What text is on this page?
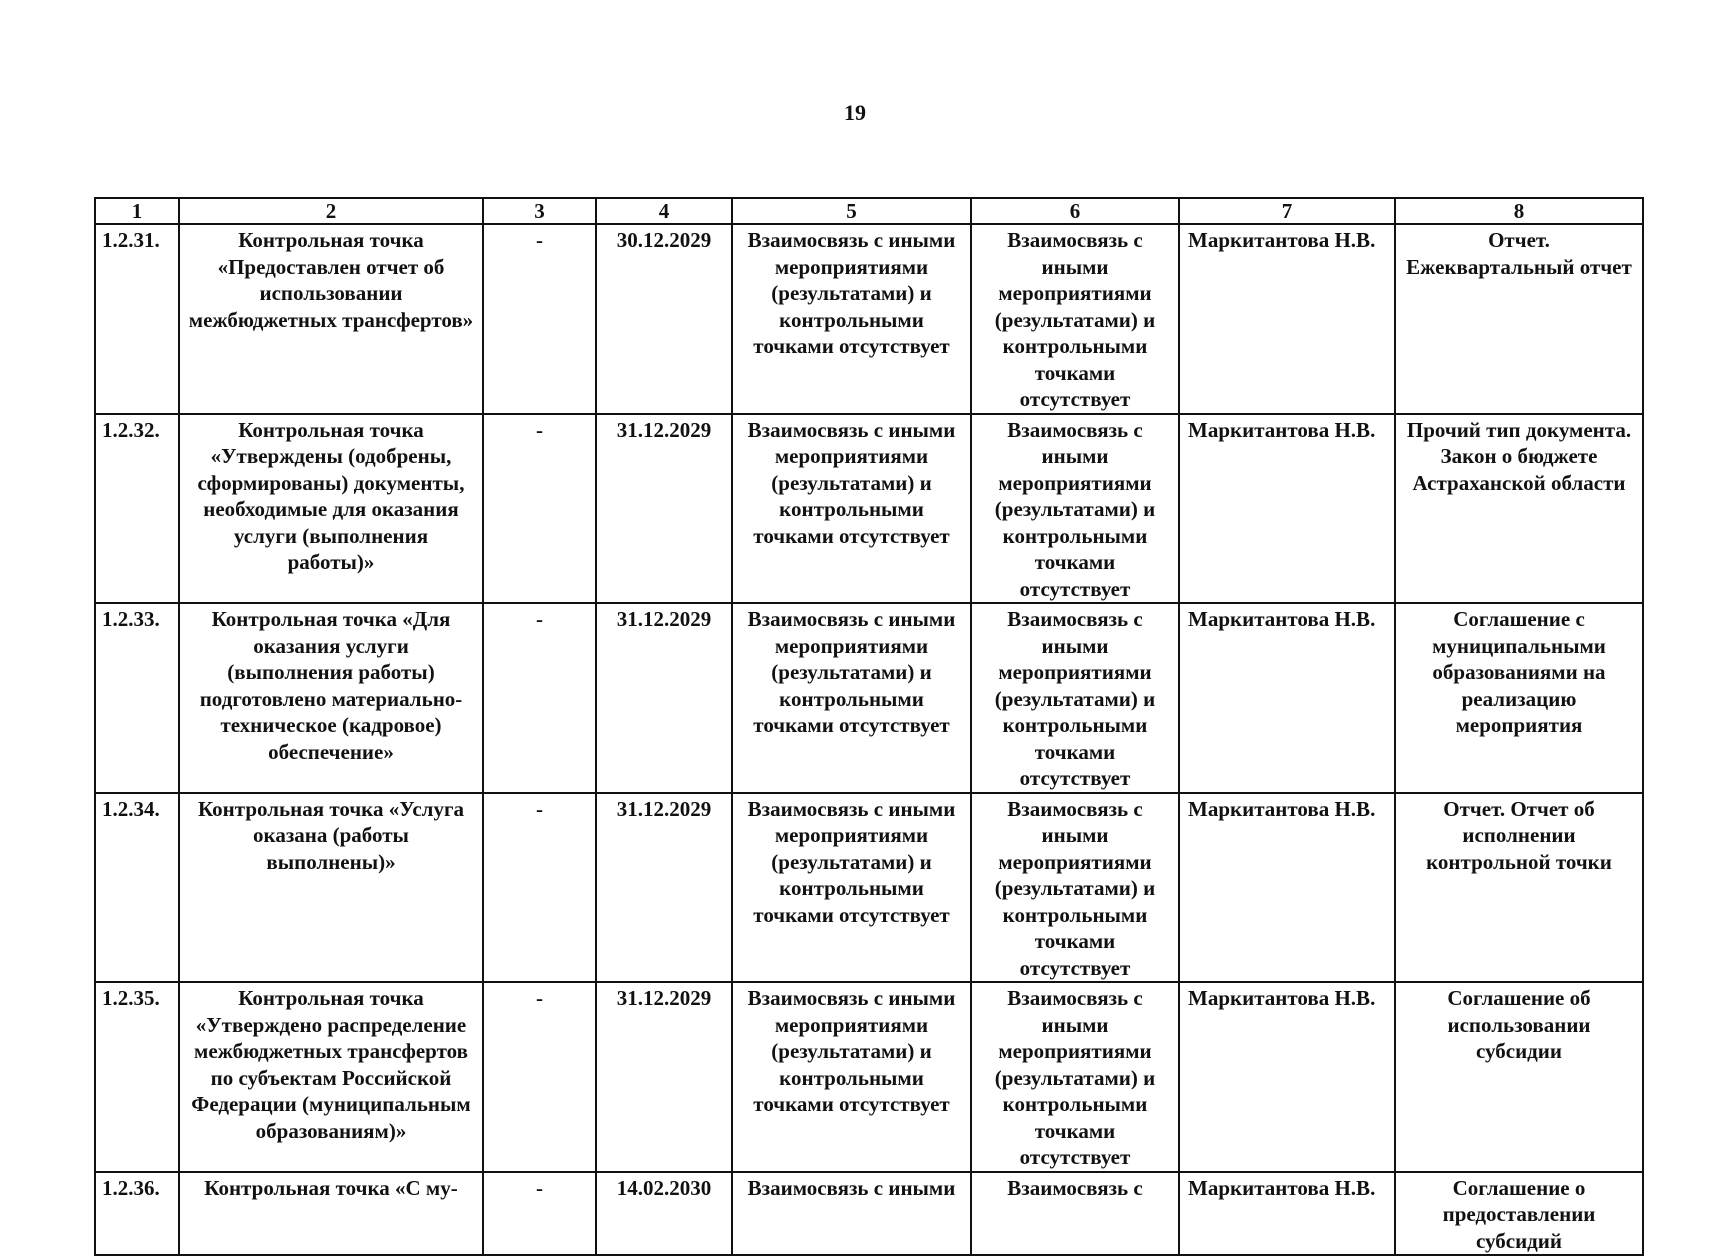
19
1	2	3	4	5	6	7	8
1.2.31.	Контрольная точка «Предоставлен отчет об использовании межбюджетных трансфертов»	-	30.12.2029	Взаимосвязь с иными мероприятиями (результатами) и контрольными точками отсутствует	Взаимосвязь с иными мероприятиями (результатами) и контрольными точками отсутствует	Маркитантова Н.В.	Отчет. Ежеквартальный отчет
1.2.32.	Контрольная точка «Утверждены (одобрены, сформированы) документы, необходимые для оказания услуги (выполнения работы)»	-	31.12.2029	Взаимосвязь с иными мероприятиями (результатами) и контрольными точками отсутствует	Взаимосвязь с иными мероприятиями (результатами) и контрольными точками отсутствует	Маркитантова Н.В.	Прочий тип документа. Закон о бюджете Астраханской области
1.2.33.	Контрольная точка «Для оказания услуги (выполнения работы) подготовлено материально-техническое (кадровое) обеспечение»	-	31.12.2029	Взаимосвязь с иными мероприятиями (результатами) и контрольными точками отсутствует	Взаимосвязь с иными мероприятиями (результатами) и контрольными точками отсутствует	Маркитантова Н.В.	Соглашение с муниципальными образованиями на реализацию мероприятия
1.2.34.	Контрольная точка «Услуга оказана (работы выполнены)»	-	31.12.2029	Взаимосвязь с иными мероприятиями (результатами) и контрольными точками отсутствует	Взаимосвязь с иными мероприятиями (результатами) и контрольными точками отсутствует	Маркитантова Н.В.	Отчет. Отчет об исполнении контрольной точки
1.2.35.	Контрольная точка «Утверждено распределение межбюджетных трансфертов по субъектам Российской Федерации (муниципальным образованиям)»	-	31.12.2029	Взаимосвязь с иными мероприятиями (результатами) и контрольными точками отсутствует	Взаимосвязь с иными мероприятиями (результатами) и контрольными точками отсутствует	Маркитантова Н.В.	Соглашение об использовании субсидии
1.2.36.	Контрольная точка «С му-	-	14.02.2030	Взаимосвязь с иными	Взаимосвязь с	Маркитантова Н.В.	Соглашение о предоставлении субсидий
